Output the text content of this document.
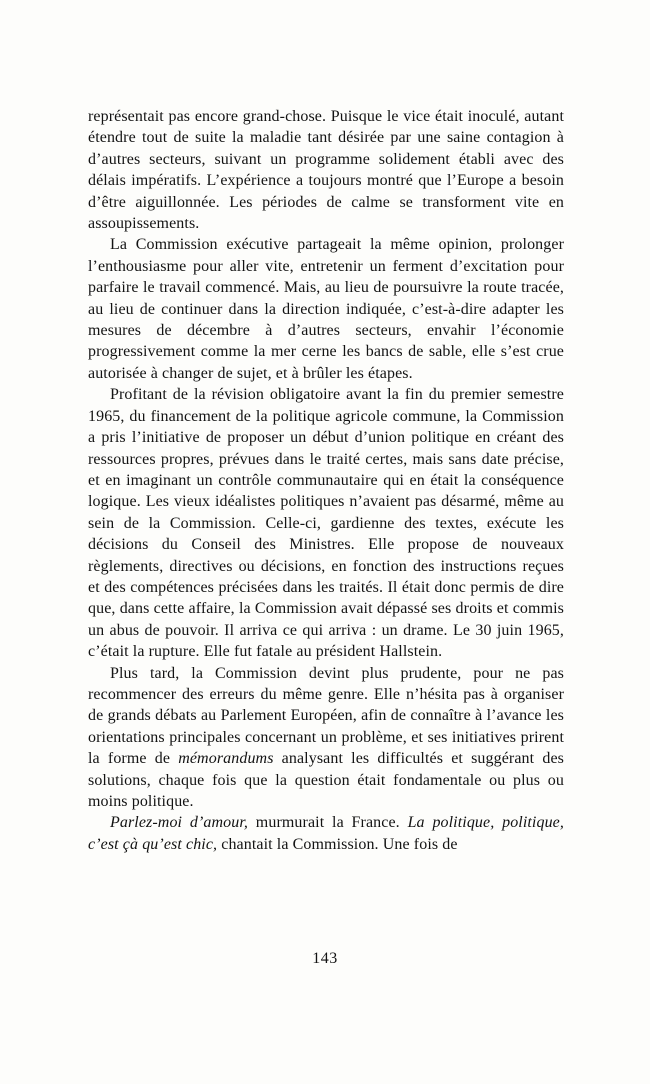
représentait pas encore grand-chose. Puisque le vice était inoculé, autant étendre tout de suite la maladie tant désirée par une saine contagion à d’autres secteurs, suivant un programme solidement établi avec des délais impératifs. L’expérience a toujours montré que l’Europe a besoin d’être aiguillonnée. Les périodes de calme se transforment vite en assoupissements.

La Commission exécutive partageait la même opinion, prolonger l’enthousiasme pour aller vite, entretenir un ferment d’excitation pour parfaire le travail commencé. Mais, au lieu de poursuivre la route tracée, au lieu de continuer dans la direction indiquée, c’est-à-dire adapter les mesures de décembre à d’autres secteurs, envahir l’économie progressivement comme la mer cerne les bancs de sable, elle s’est crue autorisée à changer de sujet, et à brûler les étapes.

Profitant de la révision obligatoire avant la fin du premier semestre 1965, du financement de la politique agricole commune, la Commission a pris l’initiative de proposer un début d’union politique en créant des ressources propres, prévues dans le traité certes, mais sans date précise, et en imaginant un contrôle communautaire qui en était la conséquence logique. Les vieux idéalistes politiques n’avaient pas désarmé, même au sein de la Commission. Celle-ci, gardienne des textes, exécute les décisions du Conseil des Ministres. Elle propose de nouveaux règlements, directives ou décisions, en fonction des instructions reçues et des compétences précisées dans les traités. Il était donc permis de dire que, dans cette affaire, la Commission avait dépassé ses droits et commis un abus de pouvoir. Il arriva ce qui arriva : un drame. Le 30 juin 1965, c’était la rupture. Elle fut fatale au président Hallstein.

Plus tard, la Commission devint plus prudente, pour ne pas recommencer des erreurs du même genre. Elle n’hésita pas à organiser de grands débats au Parlement Européen, afin de connaître à l’avance les orientations principales concernant un problème, et ses initiatives prirent la forme de mémorandums analysant les difficultés et suggérant des solutions, chaque fois que la question était fondamentale ou plus ou moins politique.

Parlez-moi d’amour, murmurait la France. La politique, politique, c’est çà qu’est chic, chantait la Commission. Une fois de

143
